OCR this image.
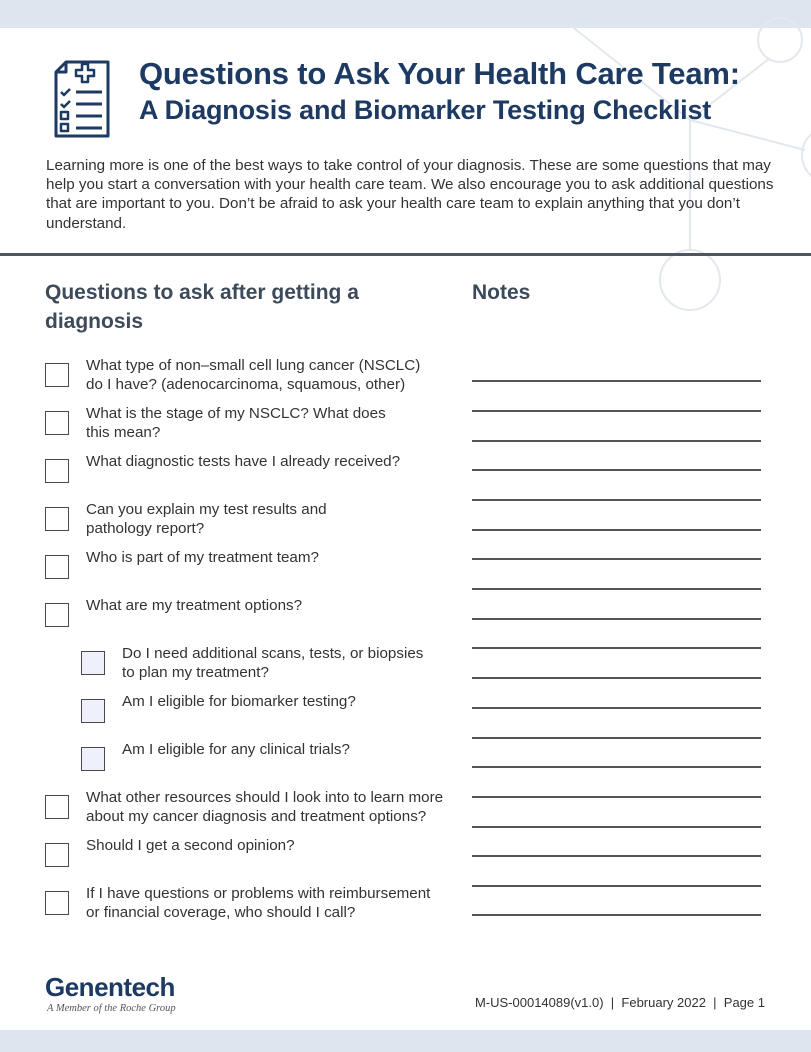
Questions to Ask Your Health Care Team:
A Diagnosis and Biomarker Testing Checklist

Learning more is one of the best ways to take control of your diagnosis. These are some questions that may help you start a conversation with your health care team. We also encourage you to ask additional questions that are important to you. Don’t be afraid to ask your health care team to explain anything that you don’t understand.

Questions to ask after getting a diagnosis
Notes
What type of non–small cell lung cancer (NSCLC)
do I have? (adenocarcinoma, squamous, other)
What is the stage of my NSCLC? What does
this mean?
What diagnostic tests have I already received?
Can you explain my test results and
pathology report?
Who is part of my treatment team?
What are my treatment options?
Do I need additional scans, tests, or biopsies
to plan my treatment?
Am I eligible for biomarker testing?
Am I eligible for any clinical trials?
What other resources should I look into to learn more
about my cancer diagnosis and treatment options?
Should I get a second opinion?
If I have questions or problems with reimbursement
or financial coverage, who should I call?
Genentech
A Member of the Roche Group	M-US-00014089(v1.0)  |  February 2022  |  Page 1
